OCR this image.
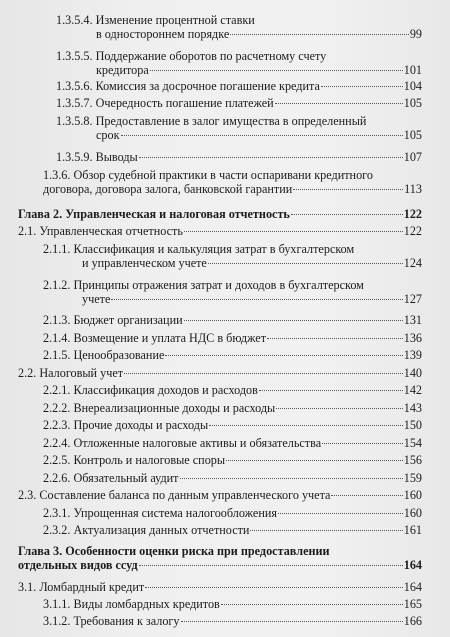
1.3.5.4. Изменение процентной ставки
в одностороннем порядке	99
1.3.5.5. Поддержание оборотов по расчетному счету
кредитора	101
1.3.5.6. Комиссия за досрочное погашение кредита	104
1.3.5.7. Очередность погашение платежей	105
1.3.5.8. Предоставление в залог имущества в определенный
срок	105
1.3.5.9. Выводы	107
1.3.6. Обзор судебной практики в части оспаривани кредитного
договора, договора залога, банковской гарантии	113
Глава 2. Управленческая и налоговая отчетность	122
2.1. Управленческая отчетность	122
2.1.1. Классификация и калькуляция затрат в бухгалтерском
и управленческом учете	124
2.1.2. Принципы отражения затрат и доходов в бухгалтерском
учете	127
2.1.3. Бюджет организации	131
2.1.4. Возмещение и уплата НДС в бюджет	136
2.1.5. Ценообразование	139
2.2. Налоговый учет	140
2.2.1. Классификация доходов и расходов	142
2.2.2. Внереализационные доходы и расходы	143
2.2.3. Прочие доходы и расходы	150
2.2.4. Отложенные налоговые активы и обязательства	154
2.2.5. Контроль и налоговые споры	156
2.2.6. Обязательный аудит	159
2.3. Составление баланса по данным управленческого учета	160
2.3.1. Упрощенная система налогообложения	160
2.3.2. Актуализация данных отчетности	161
Глава 3. Особенности оценки риска при предоставлении
отдельных видов ссуд	164
3.1. Ломбардный кредит	164
3.1.1. Виды ломбардных кредитов	165
3.1.2. Требования к залогу	166
